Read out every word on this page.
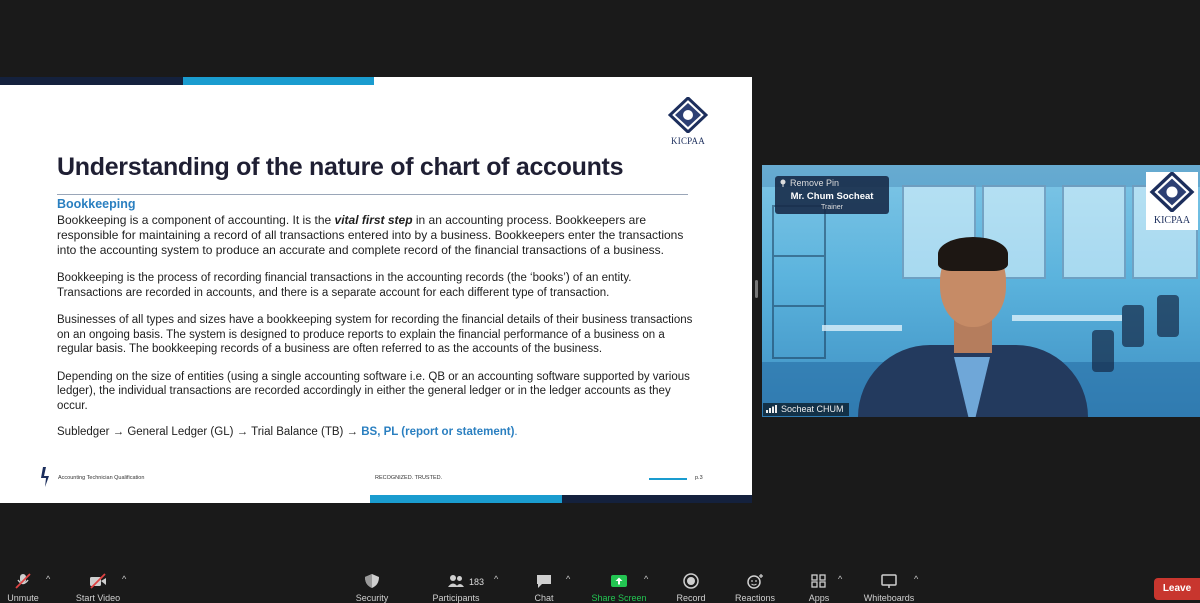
KICPAA
Understanding of the nature of chart of accounts

Bookkeeping

Bookkeeping is a component of accounting. It is the vital first step in an accounting process. Bookkeepers are responsible for maintaining a record of all transactions entered into by a business. Bookkeepers enter the transactions into the accounting system to produce an accurate and complete record of the financial transactions of a business.

Bookkeeping is the process of recording financial transactions in the accounting records (the ‘books’) of an entity. Transactions are recorded in accounts, and there is a separate account for each different type of transaction.

Businesses of all types and sizes have a bookkeeping system for recording the financial details of their business transactions on an ongoing basis. The system is designed to produce reports to explain the financial performance of a business on a regular basis. The bookkeeping records of a business are often referred to as the accounts of the business.

Depending on the size of entities (using a single accounting software i.e. QB or an accounting software supported by various ledger), the individual transactions are recorded accordingly in either the general ledger or in the ledger accounts as they occur.

Subledger → General Ledger (GL) → Trial Balance (TB) → BS, PL (report or statement).

Accounting Technician Qualification	RECOGNIZED. TRUSTED.	p.3
Remove Pin
Mr. Chum Socheat
Trainer
KICPAA
Socheat CHUM
Unmute
^
Start Video
^
Security	Participants
^
Chat
^
Share Screen
^
Record	Reactions	Apps
^
Whiteboards
^
183
Leave
